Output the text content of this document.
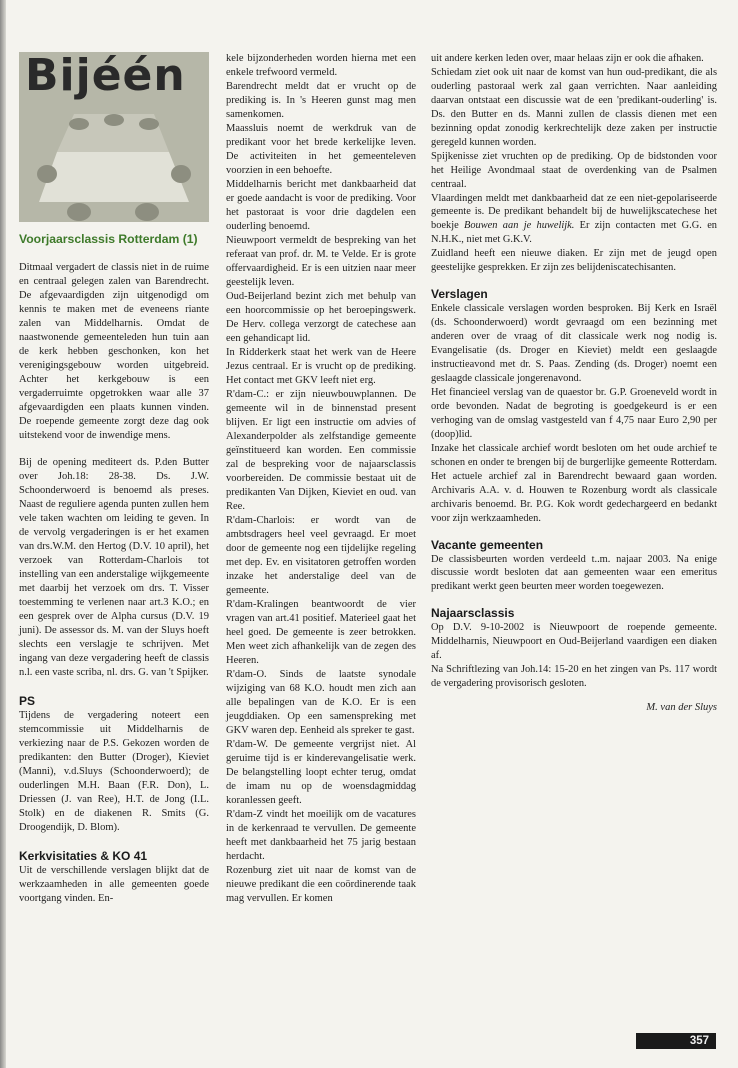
Bijéén
Voorjaarsclassis Rotterdam (1)

Ditmaal vergadert de classis niet in de ruime en centraal gelegen zalen van Barendrecht. De afgevaardigden zijn uitgenodigd om kennis te maken met de eveneens riante zalen van Middelharnis. Omdat de naastwonende gemeenteleden hun tuin aan de kerk hebben geschonken, kon het verenigingsgebouw worden uitgebreid. Achter het kerkgebouw is een vergaderruimte opgetrokken waar alle 37 afgevaardigden een plaats kunnen vinden. De roepende gemeente zorgt deze dag ook uitstekend voor de inwendige mens.

Bij de opening mediteert ds. P.den Butter over Joh.18: 28-38. Ds. J.W. Schoonderwoerd is benoemd als preses. Naast de reguliere agenda punten zullen hem vele taken wachten om leiding te geven. In de vervolg vergaderingen is er het examen van drs.W.M. den Hertog (D.V. 10 april), het verzoek van Rotterdam-Charlois tot instelling van een anderstalige wijkgemeente met daarbij het verzoek om drs. T. Visser toestemming te verlenen naar art.3 K.O.; en een gesprek over de Alpha cursus (D.V. 19 juni). De assessor ds. M. van der Sluys hoeft slechts een verslagje te schrijven. Met ingang van deze vergadering heeft de classis n.l. een vaste scriba, nl. drs. G. van 't Spijker.

PS

Tijdens de vergadering noteert een stemcommissie uit Middelharnis de verkiezing naar de P.S. Gekozen worden de predikanten: den Butter (Droger), Kieviet (Manni), v.d.Sluys (Schoonderwoerd); de ouderlingen M.H. Baan (F.R. Don), L. Driessen (J. van Ree), H.T. de Jong (I.L. Stolk) en de diakenen R. Smits (G. Droogendijk, D. Blom).

Kerkvisitaties & KO 41

Uit de verschillende verslagen blijkt dat de werkzaamheden in alle gemeenten goede voortgang vinden. En-

kele bijzonderheden worden hierna met een enkele trefwoord vermeld.

Barendrecht meldt dat er vrucht op de prediking is. In 's Heeren gunst mag men samenkomen.

Maassluis noemt de werkdruk van de predikant voor het brede kerkelijke leven. De activiteiten in het gemeenteleven voorzien in een behoefte.

Middelharnis bericht met dankbaarheid dat er goede aandacht is voor de prediking. Voor het pastoraat is voor drie dagdelen een ouderling benoemd.

Nieuwpoort vermeldt de bespreking van het referaat van prof. dr. M. te Velde. Er is grote offervaardigheid. Er is een uitzien naar meer geestelijk leven.

Oud-Beijerland bezint zich met behulp van een hoorcommissie op het beroepingswerk. De Herv. collega verzorgt de catechese aan een gehandicapt lid.

In Ridderkerk staat het werk van de Heere Jezus centraal. Er is vrucht op de prediking. Het contact met GKV leeft niet erg.

R'dam-C.: er zijn nieuwbouwplannen. De gemeente wil in de binnenstad present blijven. Er ligt een instructie om advies of Alexanderpolder als zelfstandige gemeente geïnstitueerd kan worden. Een commissie zal de bespreking voor de najaarsclassis voorbereiden. De commissie bestaat uit de predikanten Van Dijken, Kieviet en oud. van Ree.

R'dam-Charlois: er wordt van de ambtsdragers heel veel gevraagd. Er moet door de gemeente nog een tijdelijke regeling met dep. Ev. en visitatoren getroffen worden inzake het anderstalige deel van de gemeente.

R'dam-Kralingen beantwoordt de vier vragen van art.41 positief. Materieel gaat het heel goed. De gemeente is zeer betrokken. Men weet zich afhankelijk van de zegen des Heeren.

R'dam-O. Sinds de laatste synodale wijziging van 68 K.O. houdt men zich aan alle bepalingen van de K.O. Er is een jeugddiaken. Op een samenspreking met GKV waren dep. Eenheid als spreker te gast.

R'dam-W. De gemeente vergrijst niet. Al geruime tijd is er kinderevangelisatie werk. De belangstelling loopt echter terug, omdat de imam nu op de woensdagmiddag koranlessen geeft.

R'dam-Z vindt het moeilijk om de vacatures in de kerkenraad te vervullen. De gemeente heeft met dankbaarheid het 75 jarig bestaan herdacht.

Rozenburg ziet uit naar de komst van de nieuwe predikant die een coördinerende taak mag vervullen. Er komen

uit andere kerken leden over, maar helaas zijn er ook die afhaken.

Schiedam ziet ook uit naar de komst van hun oud-predikant, die als ouderling pastoraal werk zal gaan verrichten. Naar aanleiding daarvan ontstaat een discussie wat de een 'predikant-ouderling' is. Ds. den Butter en ds. Manni zullen de classis dienen met een bezinning opdat zonodig kerkrechtelijk deze zaken per instructie geregeld kunnen worden.

Spijkenisse ziet vruchten op de prediking. Op de bidstonden voor het Heilige Avondmaal staat de overdenking van de Psalmen centraal.

Vlaardingen meldt met dankbaarheid dat ze een niet-gepolariseerde gemeente is. De predikant behandelt bij de huwelijkscatechese het boekje Bouwen aan je huwelijk. Er zijn contacten met G.G. en N.H.K., niet met G.K.V.

Zuidland heeft een nieuwe diaken. Er zijn met de jeugd open geestelijke gesprekken. Er zijn zes belijdeniscatechisanten.

Verslagen

Enkele classicale verslagen worden besproken. Bij Kerk en Israël (ds. Schoonderwoerd) wordt gevraagd om een bezinning met anderen over de vraag of dit classicale werk nog nodig is. Evangelisatie (ds. Droger en Kieviet) meldt een geslaagde instructieavond met dr. S. Paas. Zending (ds. Droger) noemt een geslaagde classicale jongerenavond.

Het financieel verslag van de quaestor br. G.P. Groeneveld wordt in orde bevonden. Nadat de begroting is goedgekeurd is er een verhoging van de omslag vastgesteld van f 4,75 naar Euro 2,90 per (doop)lid.

Inzake het classicale archief wordt besloten om het oude archief te schonen en onder te brengen bij de burgerlijke gemeente Rotterdam. Het actuele archief zal in Barendrecht bewaard gaan worden. Archivaris A.A. v. d. Houwen te Rozenburg wordt als classicale archivaris benoemd. Br. P.G. Kok wordt gedechargeerd en bedankt voor zijn werkzaamheden.

Vacante gemeenten

De classisbeurten worden verdeeld t..m. najaar 2003. Na enige discussie wordt besloten dat aan gemeenten waar een emeritus predikant werkt geen beurten meer worden toegewezen.

Najaarsclassis

Op D.V. 9-10-2002 is Nieuwpoort de roepende gemeente. Middelharnis, Nieuwpoort en Oud-Beijerland vaardigen een diaken af.

Na Schriftlezing van Joh.14: 15-20 en het zingen van Ps. 117 wordt de vergadering provisorisch gesloten.

M. van der Sluys
357
